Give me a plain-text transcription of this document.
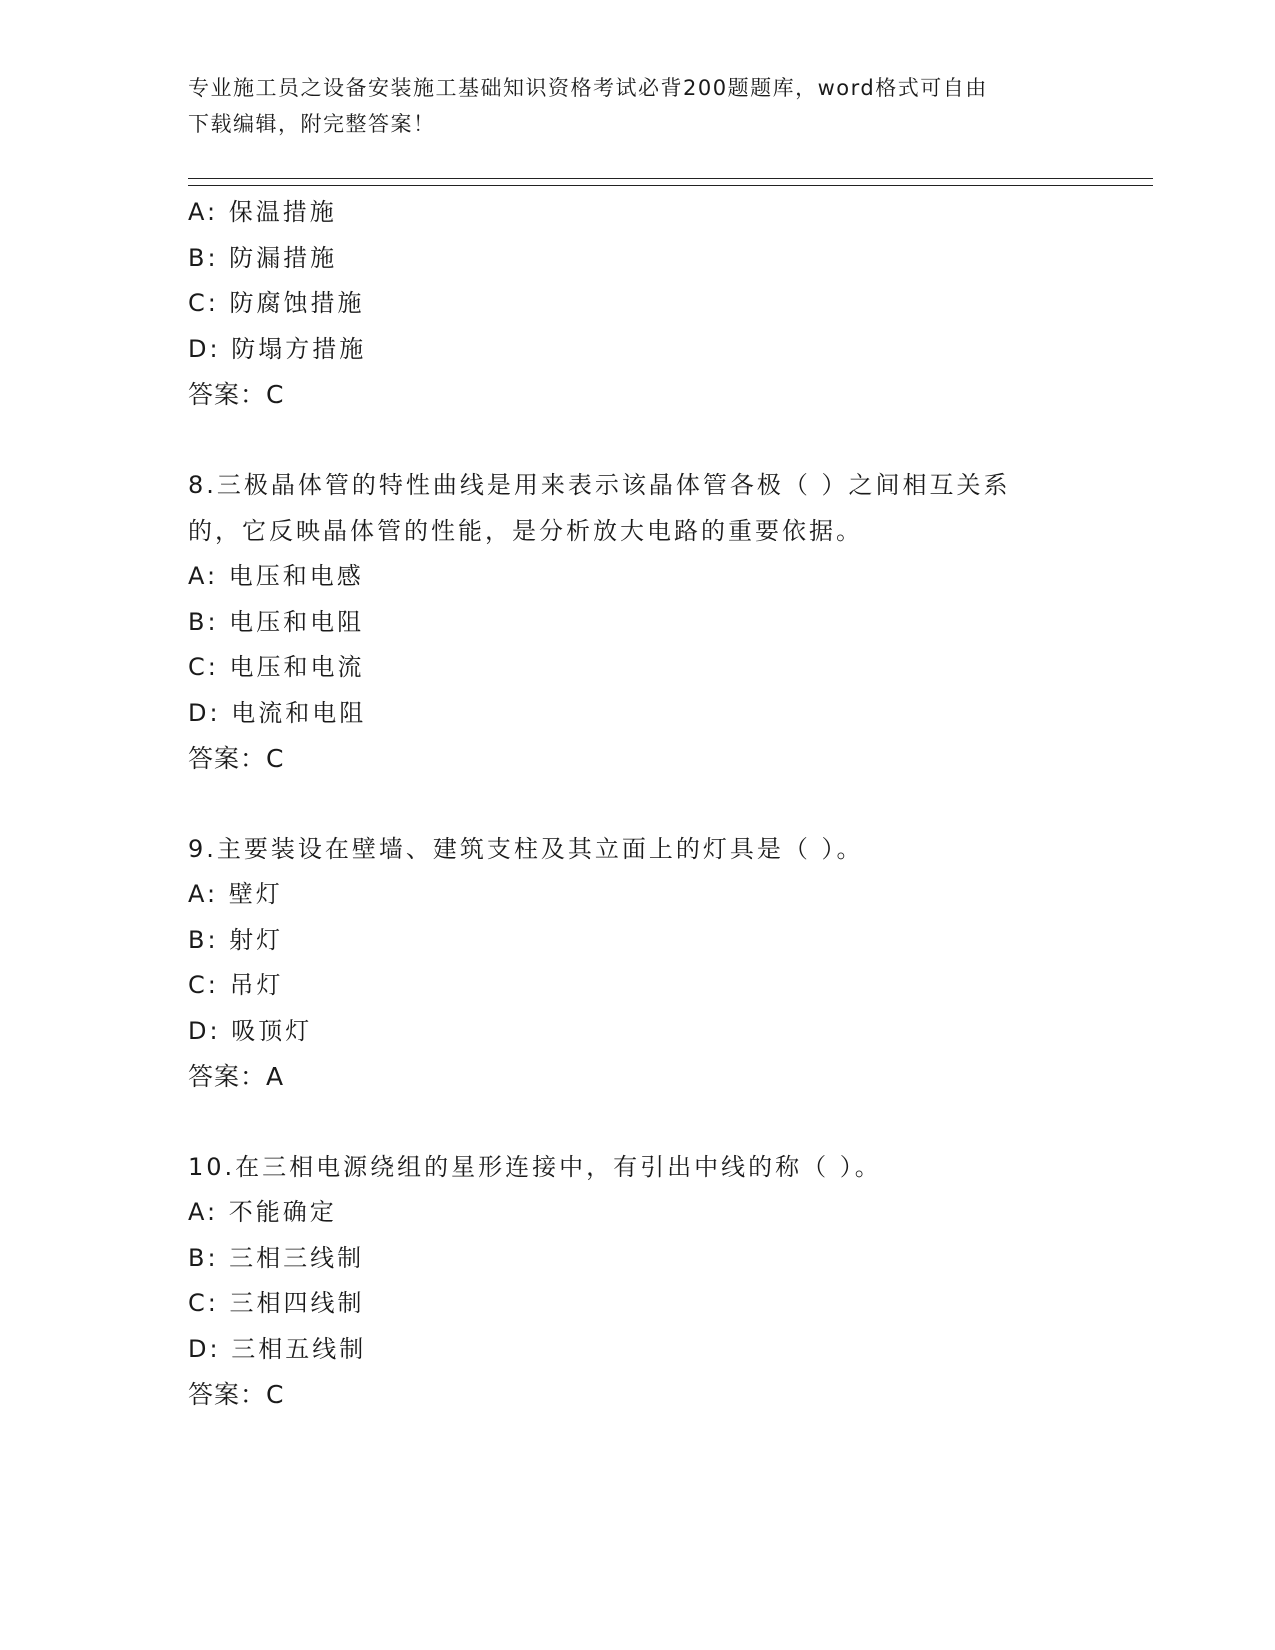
专业施工员之设备安装施工基础知识资格考试必背200题题库，word格式可自由
下载编辑，附完整答案！

A: 保温措施

B: 防漏措施

C: 防腐蚀措施

D: 防塌方措施

答案：C

8.三极晶体管的特性曲线是用来表示该晶体管各极（ ）之间相互关系

的，它反映晶体管的性能，是分析放大电路的重要依据。

A: 电压和电感

B: 电压和电阻

C: 电压和电流

D: 电流和电阻

答案：C

9.主要装设在壁墙、建筑支柱及其立面上的灯具是（ ）。

A: 壁灯

B: 射灯

C: 吊灯

D: 吸顶灯

答案：A

10.在三相电源绕组的星形连接中，有引出中线的称（ ）。

A: 不能确定

B: 三相三线制

C: 三相四线制

D: 三相五线制

答案：C
